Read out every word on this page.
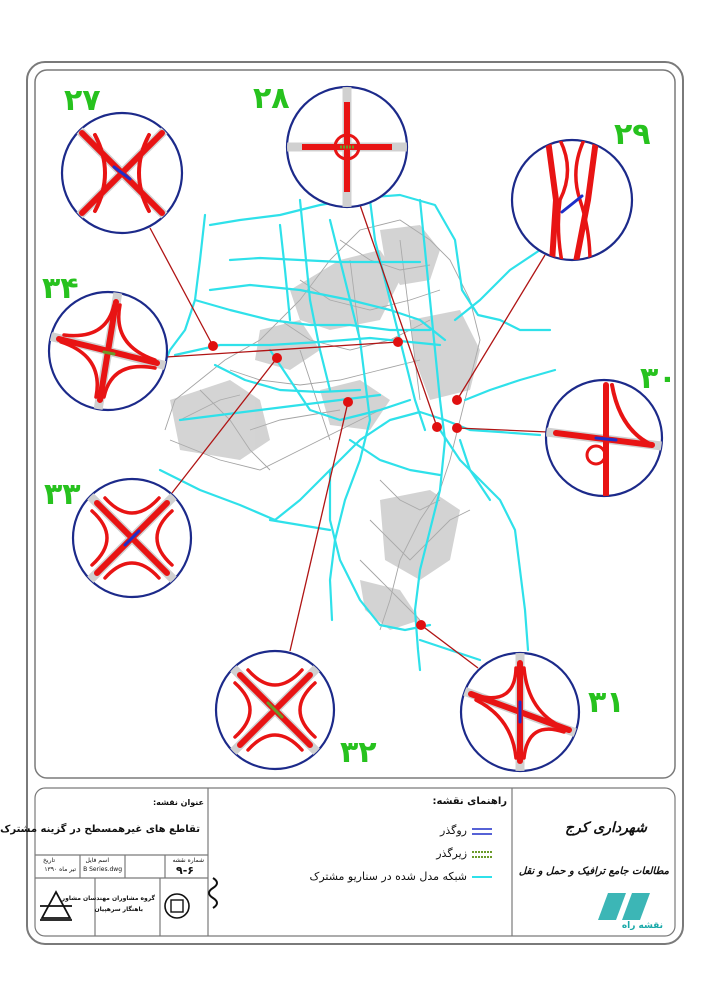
۲۷	۲۸
۲۹
۳۰
۳۱
۳۲
۳۳
۳۴
عنوان نقشه:
تقاطع های غیرهمسطح در گزینه مشترک
تاریخ
تیر ماه ۱۳۹۰
اسم فایل
B Series.dwg
شماره نقشه
۹-۶
گروه مشاوران مهندسان مشاور
باهنگار سرهپیان
راهنمای نقشه:
روگذر
زیرگذر
شبکه مدل شده در سناریو مشترک
شهرداری کرج
مطالعات جامع ترافیک و حمل و نقل
نقشه راه
